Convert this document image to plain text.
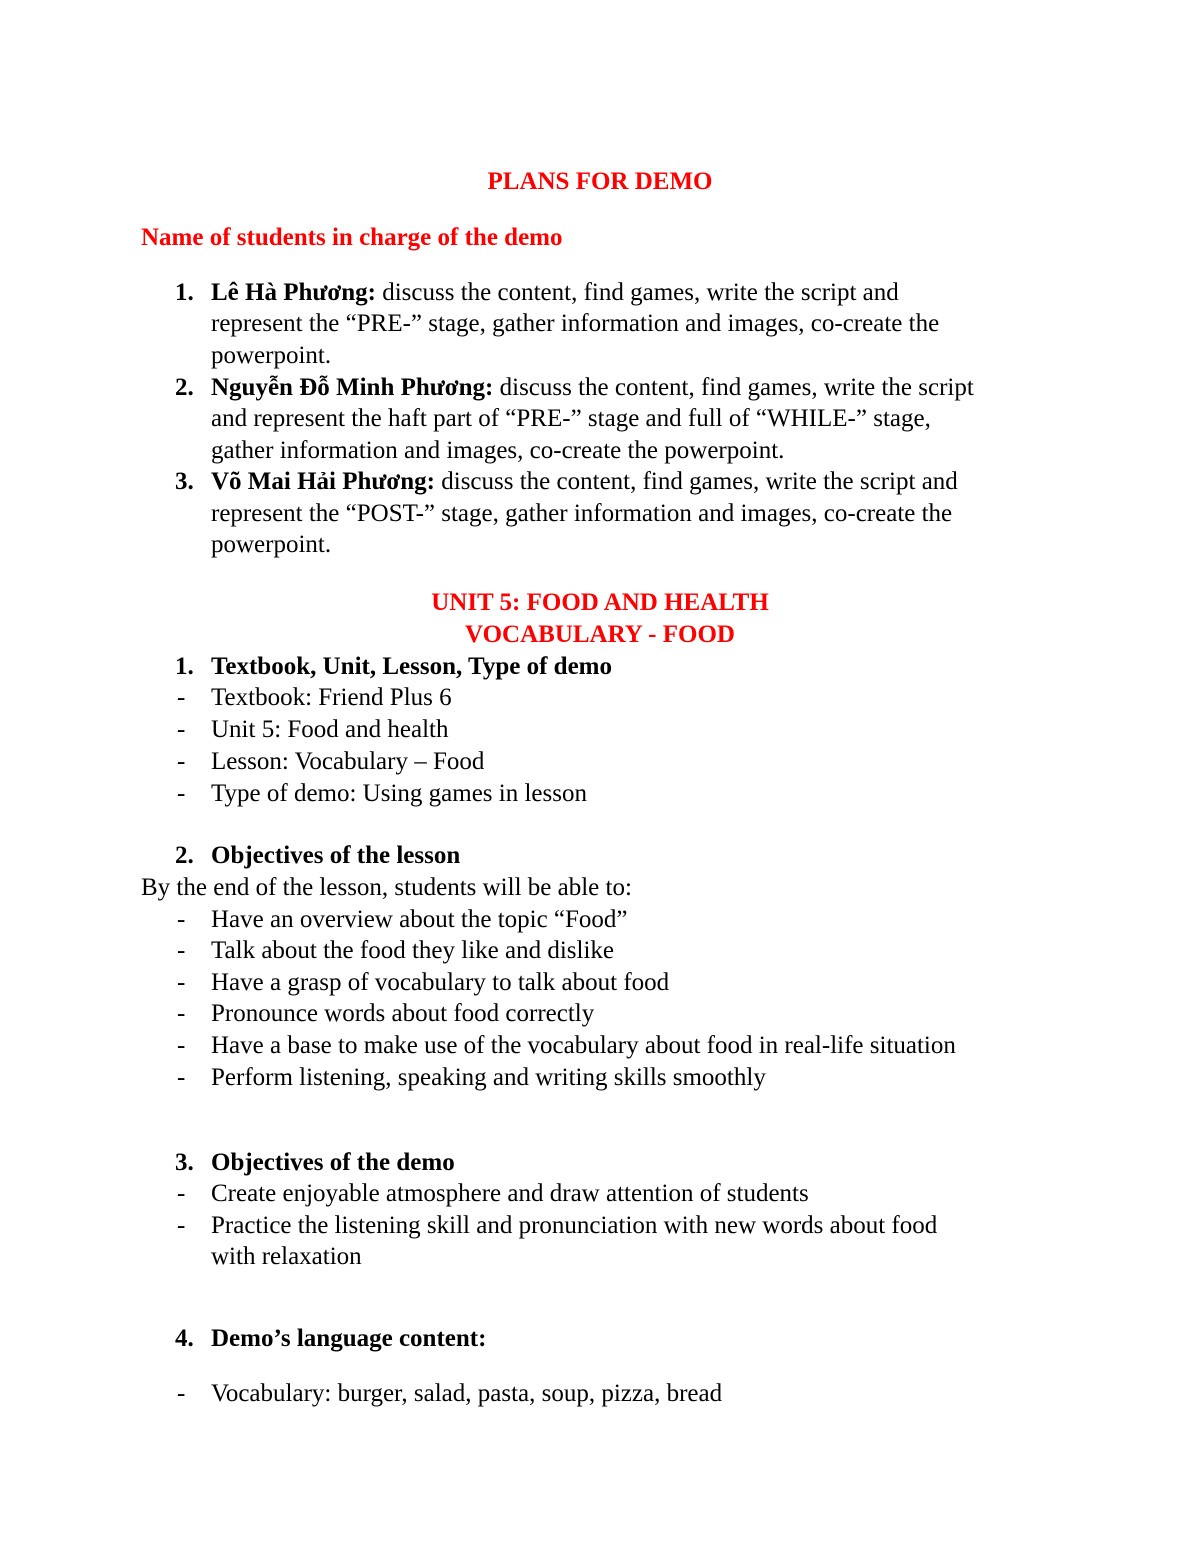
PLANS FOR DEMO
Name of students in charge of the demo
1. Lê Hà Phương: discuss the content, find games, write the script and
represent the “PRE-” stage, gather information and images, co-create the
powerpoint.
2. Nguyễn Đỗ Minh Phương: discuss the content, find games, write the script
and represent the haft part of “PRE-” stage and full of “WHILE-” stage,
gather information and images, co-create the powerpoint.
3. Võ Mai Hải Phương: discuss the content, find games, write the script and
represent the “POST-” stage, gather information and images, co-create the
powerpoint.
UNIT 5: FOOD AND HEALTH
VOCABULARY - FOOD
1. Textbook, Unit, Lesson, Type of demo
- Textbook: Friend Plus 6
- Unit 5: Food and health
- Lesson: Vocabulary – Food
- Type of demo: Using games in lesson
2. Objectives of the lesson
By the end of the lesson, students will be able to:
- Have an overview about the topic “Food”
- Talk about the food they like and dislike
- Have a grasp of vocabulary to talk about food
- Pronounce words about food correctly
- Have a base to make use of the vocabulary about food in real-life situation
- Perform listening, speaking and writing skills smoothly
3. Objectives of the demo
- Create enjoyable atmosphere and draw attention of students
- Practice the listening skill and pronunciation with new words about food
with relaxation
4. Demo’s language content:
- Vocabulary: burger, salad, pasta, soup, pizza, bread
